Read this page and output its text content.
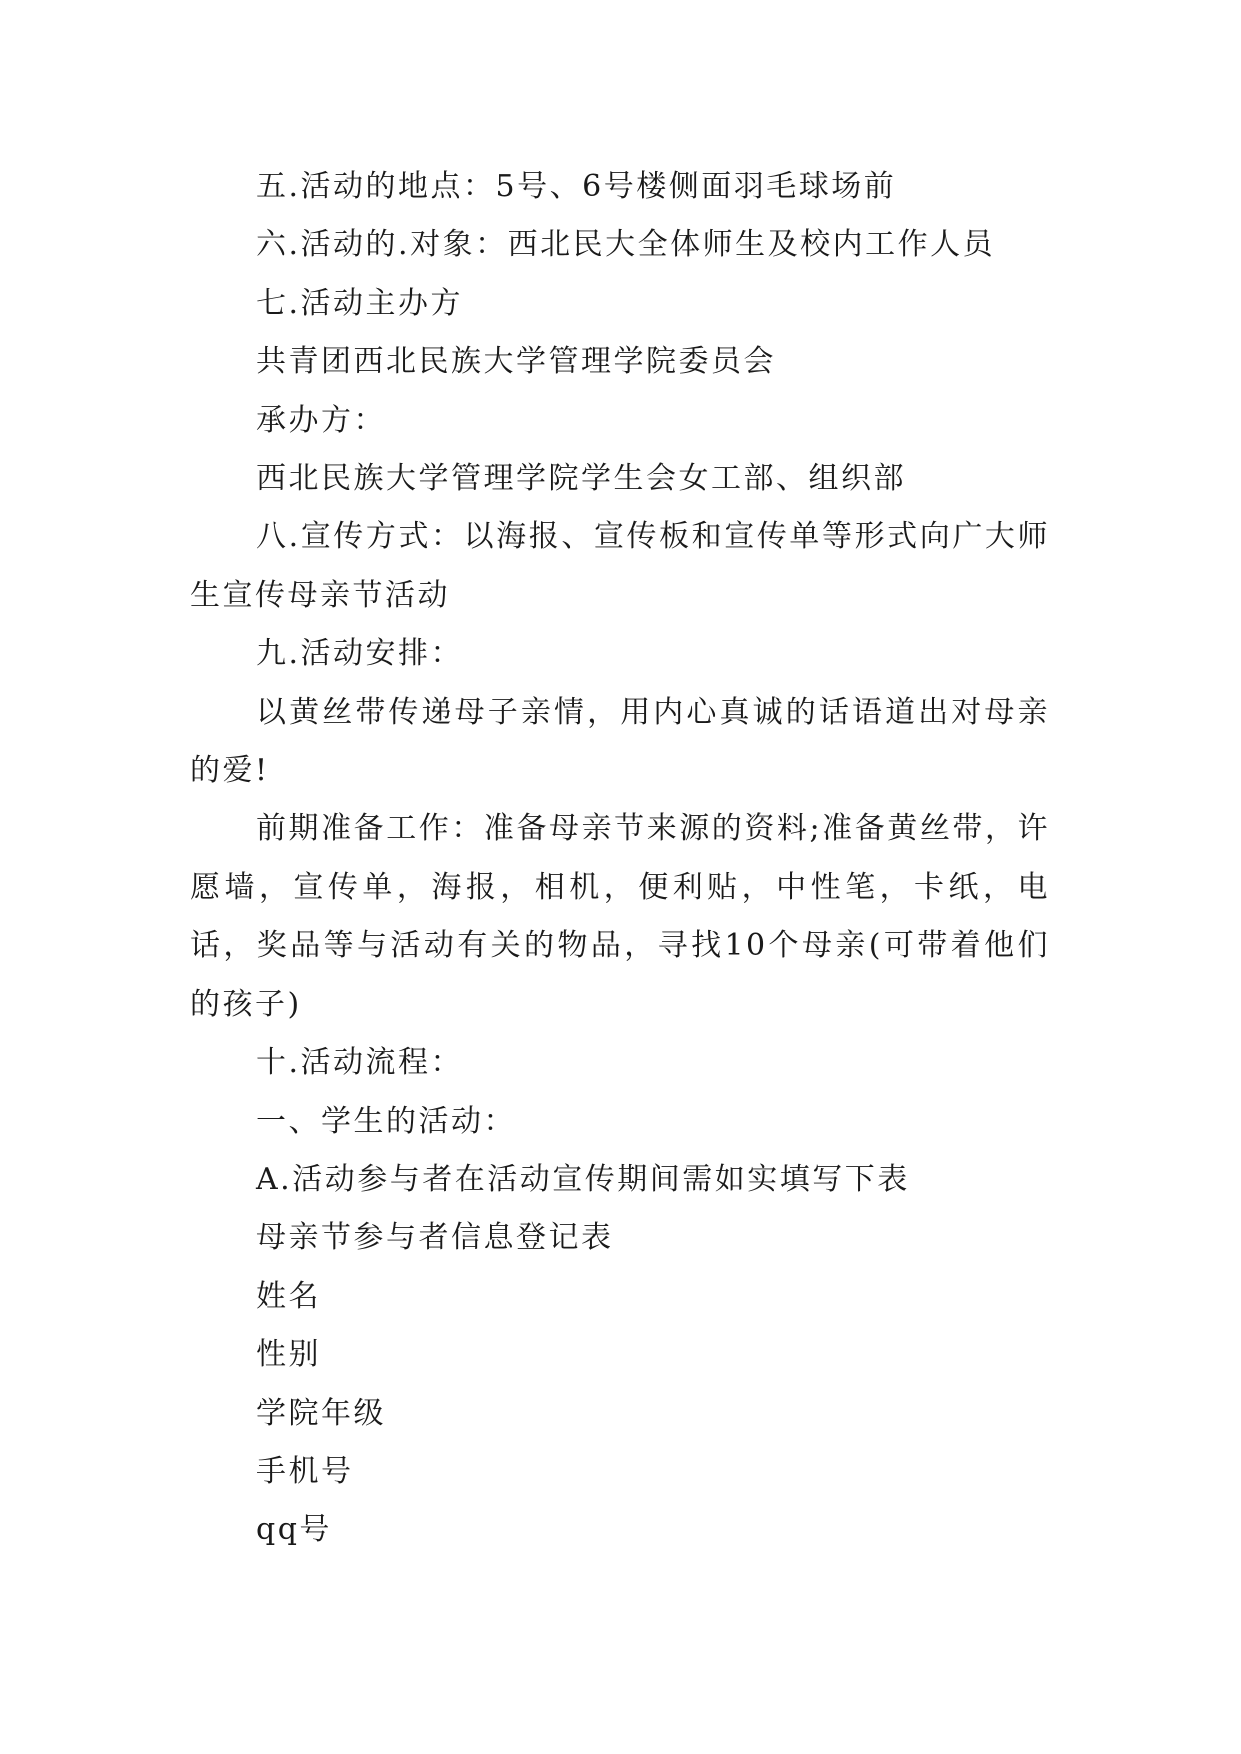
五.活动的地点：5号、6号楼侧面羽毛球场前

六.活动的.对象：西北民大全体师生及校内工作人员

七.活动主办方

共青团西北民族大学管理学院委员会

承办方：

西北民族大学管理学院学生会女工部、组织部

八.宣传方式：以海报、宣传板和宣传单等形式向广大师生宣传母亲节活动

九.活动安排：

以黄丝带传递母子亲情，用内心真诚的话语道出对母亲的爱!

前期准备工作：准备母亲节来源的资料;准备黄丝带，许愿墙，宣传单，海报，相机，便利贴，中性笔，卡纸，电话，奖品等与活动有关的物品，寻找10个母亲(可带着他们的孩子)

十.活动流程：

一、学生的活动：

A.活动参与者在活动宣传期间需如实填写下表

母亲节参与者信息登记表

姓名

性别

学院年级

手机号

qq号
